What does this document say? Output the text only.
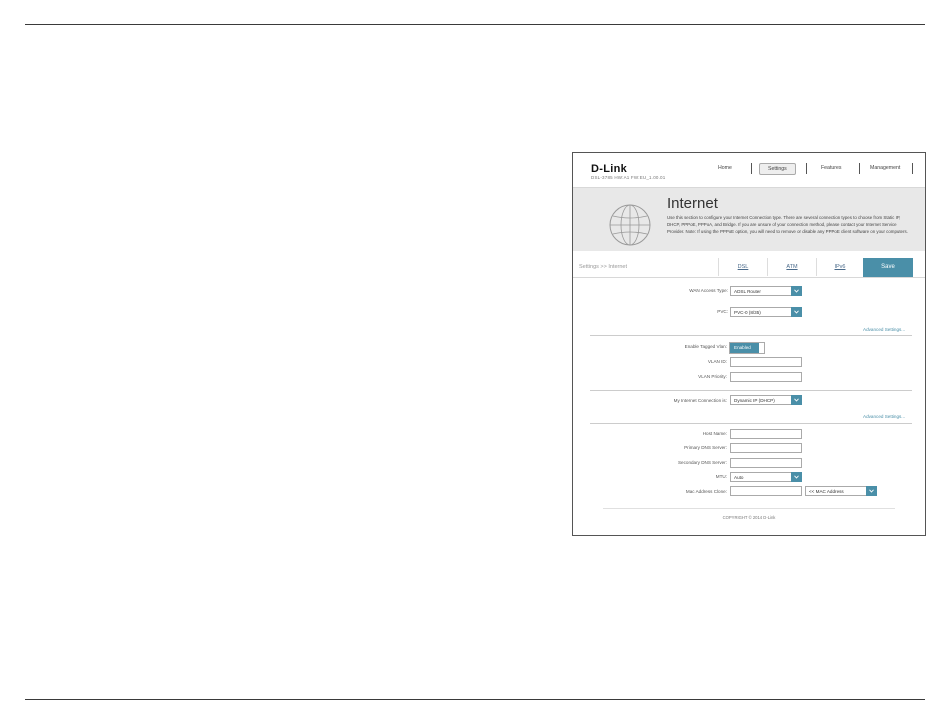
D-Link
DSL-3785 HW:A1 FW:EU_1.00.01
Home	Settings	Features	Management
Internet
Use this section to configure your Internet Connection type. There are several connection types to choose from Static IP, DHCP, PPPoE, PPPoA, and Bridge. If you are unsure of your connection method, please contact your Internet Service Provider. Note: If using the PPPoE option, you will need to remove or disable any PPPoE client software on your computers.
Settings >> Internet	DSL	ATM	IPv6	Save
WAN Access Type:	ADSL Router
PVC:	PVC-0 (8/35)
Advanced Settings...
Enable Tagged Vlan:	Enabled
VLAN ID:
VLAN Priority:
My Internet Connection is:	Dynamic IP (DHCP)
Advanced Settings...
Host Name:
Primary DNS Server:
Secondary DNS Server:
MTU:	Auto
Mac Address Clone:	<< MAC Address
COPYRIGHT © 2014 D-Link
